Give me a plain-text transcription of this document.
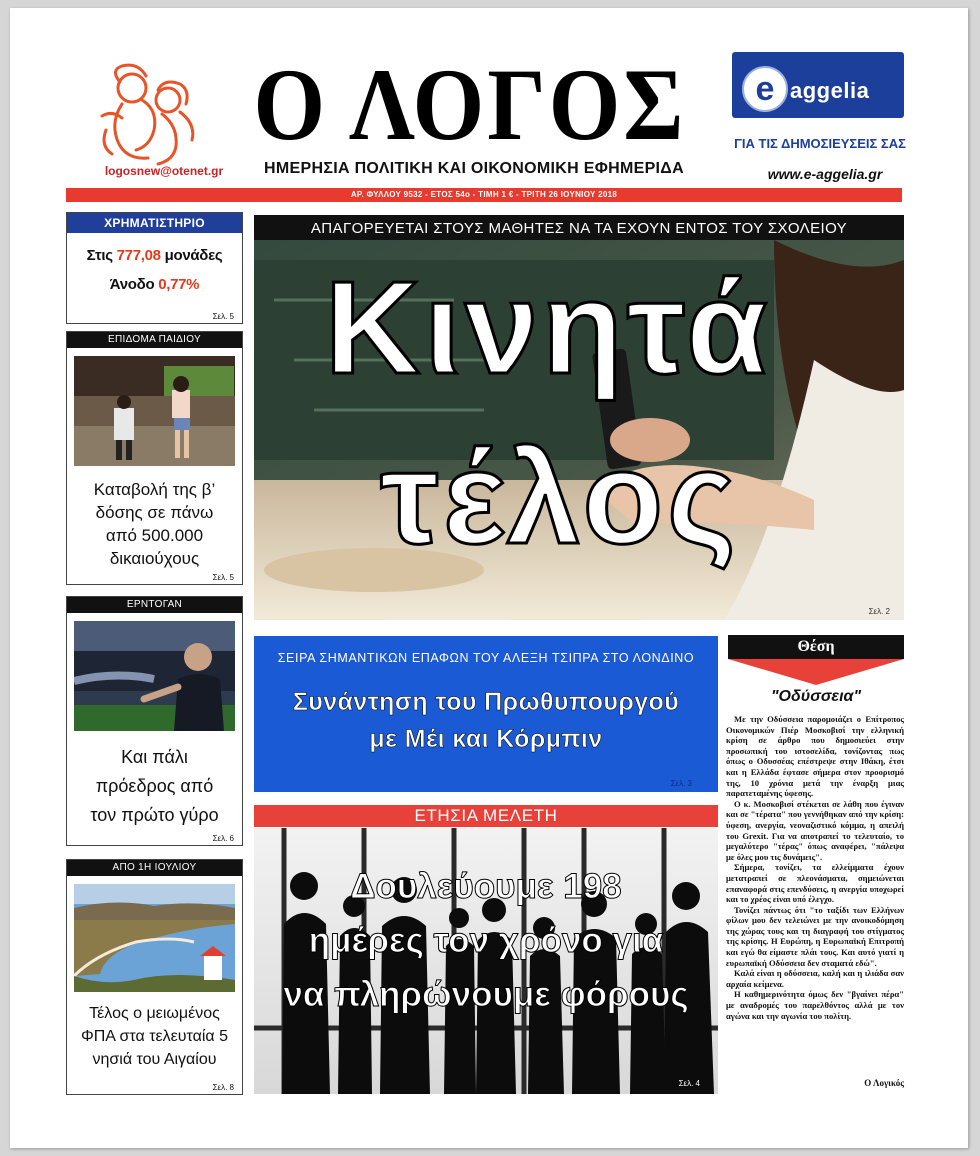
logosnew@otenet.gr
Ο ΛΟΓΟΣ
ΗΜΕΡΗΣΙΑ ΠΟΛΙΤΙΚΗ ΚΑΙ ΟΙΚΟΝΟΜΙΚΗ ΕΦΗΜΕΡΙΔΑ
e aggelia
ΓΙΑ ΤΙΣ ΔΗΜΟΣΙΕΥΣΕΙΣ ΣΑΣ
www.e-aggelia.gr
ΑΡ. ΦΥΛΛΟΥ 9532 - ΕΤΟΣ 54ο - ΤΙΜΗ 1 € - ΤΡΙΤΗ 26 ΙΟΥΝΙΟΥ 2018
ΧΡΗΜΑΤΙΣΤΗΡΙΟ
Στις 777,08 μονάδες
Άνοδο 0,77%
Σελ. 5
ΕΠΙΔΟΜΑ ΠΑΙΔΙΟΥ
Καταβολή της β’ δόσης σε πάνω από 500.000 δικαιούχους
Σελ. 5
ΕΡΝΤΟΓΑΝ
Και πάλι πρόεδρος από τον πρώτο γύρο
Σελ. 6
ΑΠΟ 1Η ΙΟΥΛΙΟΥ
Τέλος ο μειωμένος ΦΠΑ στα τελευταία 5 νησιά του Αιγαίου
Σελ. 8
ΑΠΑΓΟΡΕΥΕΤΑΙ ΣΤΟΥΣ ΜΑΘΗΤΕΣ ΝΑ ΤΑ ΕΧΟΥΝ ΕΝΤΟΣ ΤΟΥ ΣΧΟΛΕΙΟΥ
Σελ. 2
Κινητά
τέλος
Σελ. 3
ΣΕΙΡΑ ΣΗΜΑΝΤΙΚΩΝ ΕΠΑΦΩΝ ΤΟΥ ΑΛΕΞΗ ΤΣΙΠΡΑ ΣΤΟ ΛΟΝΔΙΝΟ
Συνάντηση του Πρωθυπουργού
με Μέι και Κόρμπιν
ΕΤΗΣΙΑ ΜΕΛΕΤΗ
Σελ. 4
Δουλεύουμε 198
ημέρες τον χρόνο για
να πληρώνουμε φόρους
Θέση
"Οδύσσεια"

Με την Οδύσσεια παρομοιάζει ο Επίτροπος Οικονομικών Πιέρ Μοσκοβισί την ελληνική κρίση σε άρθρο που δημοσιεύει στην προσωπική του ιστοσελίδα, τονίζοντας πως όπως ο Οδυσσέας επέστρεψε στην Ιθάκη, έτσι και η Ελλάδα έφτασε σήμερα στον προορισμό της, 10 χρόνια μετά την έναρξη μιας παρατεταμένης ύφεσης.

Ο κ. Μοσκοβισί στέκεται σε λάθη που έγιναν και σε "τέρατα" που γεννήθηκαν από την κρίση: ύφεση, ανεργία, νεοναζιστικό κόμμα, η απειλή του Grexit. Για να αποτραπεί το τελευταίο, το μεγαλύτερο "τέρας" όπως αναφέρει, "πάλεψα με όλες μου τις δυνάμεις".

Σήμερα, τονίζει, τα ελλείμματα έχουν μετατραπεί σε πλεονάσματα, σημειώνεται επαναφορά στις επενδύσεις, η ανεργία υποχωρεί και το χρέος είναι υπό έλεγχο.

Τονίζει πάντως ότι "το ταξίδι των Ελλήνων φίλων μου δεν τελειώνει με την ανοικοδόμηση της χώρας τους και τη διαγραφή του στίγματος της κρίσης. Η Ευρώπη, η Ευρωπαϊκή Επιτροπή και εγώ θα είμαστε πλάι τους. Και αυτό γιατί η ευρωπαϊκή Οδύσσεια δεν σταματά εδώ".

Καλά είναι η οδύσσεια, καλή και η ιλιάδα σαν αρχαία κείμενα.

Η καθημερινότητα όμως δεν "βγαίνει πέρα" με αναδρομές του παρελθόντος αλλά με τον αγώνα και την αγωνία του πολίτη.

Ο Λογικός
